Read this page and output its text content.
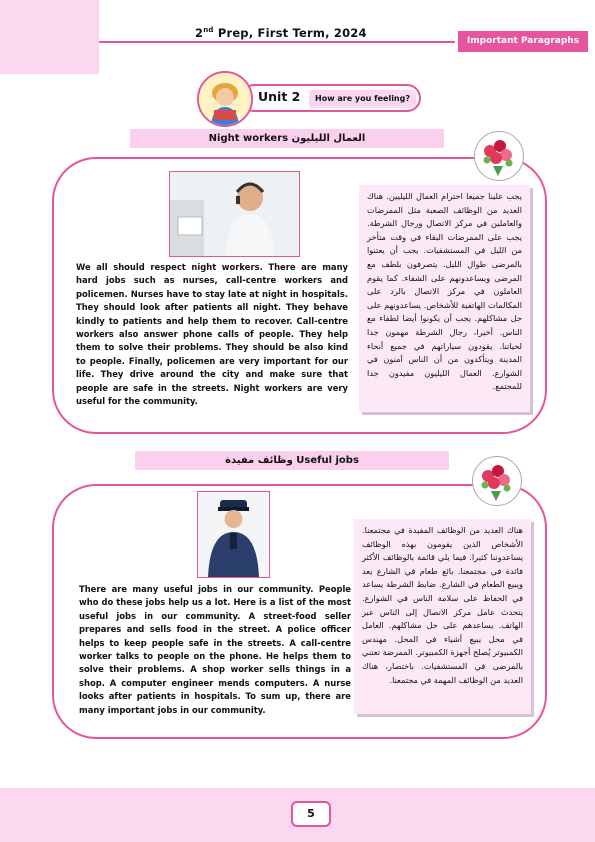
2nd Prep, First Term, 2024
Important Paragraphs
Unit 2	How are you feeling?
Night workers العمال الليليون

We all should respect night workers. There are many hard jobs such as nurses, call-centre workers and policemen. Nurses have to stay late at night in hospitals. They should look after patients all night. They behave kindly to patients and help them to recover. Call-centre workers also answer phone calls of people. They help them to solve their problems. They should be also kind to people. Finally, policemen are very important for our life. They drive around the city and make sure that people are safe in the streets. Night workers are very useful for the community.

يجب علينا جميعا احترام العمال الليليين. هناك العديد من الوظائف الصعبة مثل الممرضات والعاملين في مركز الاتصال ورجال الشرطة. يجب على الممرضات البقاء في وقت متأخر من الليل في المستشفيات. يجب أن يعتنوا بالمرضى طوال الليل. يتصرفون بلطف مع المرضى ويساعدونهم على الشفاء. كما يقوم العاملون في مركز الاتصال بالرد على المكالمات الهاتفية للأشخاص. يساعدونهم على حل مشاكلهم. يجب أن يكونوا أيضا لطفاء مع الناس. أخيرا، رجال الشرطة مهمون جدا لحياتنا. يقودون سياراتهم في جميع أنحاء المدينة ويتأكدون من أن الناس آمنون في الشوارع. العمال الليليون مفيدون جدا للمجتمع.

وظائف مفيدة Useful jobs

There are many useful jobs in our community. People who do these jobs help us a lot. Here is a list of the most useful jobs in our community. A street-food seller prepares and sells food in the street. A police officer helps to keep people safe in the streets. A call-centre worker talks to people on the phone. He helps them to solve their problems. A shop worker sells things in a shop. A computer engineer mends computers. A nurse looks after patients in hospitals. To sum up, there are many important jobs in our community.

هناك العديد من الوظائف المفيدة في مجتمعنا. الأشخاص الذين يقومون بهذه الوظائف يساعدوننا كثيرا. فيما يلي قائمة بالوظائف الأكثر فائدة في مجتمعنا. بائع طعام في الشارع يعد ويبيع الطعام في الشارع. ضابط الشرطة يساعد في الحفاظ على سلامة الناس في الشوارع. يتحدث عامل مركز الاتصال إلى الناس عبر الهاتف. يساعدهم على حل مشاكلهم. العامل في محل يبيع أشياء في المحل. مهندس الكمبيوتر يُصلح أجهزة الكمبيوتر. الممرضة تعتني بالمرضى في المستشفيات. باختصار، هناك العديد من الوظائف المهمة في مجتمعنا.

5
